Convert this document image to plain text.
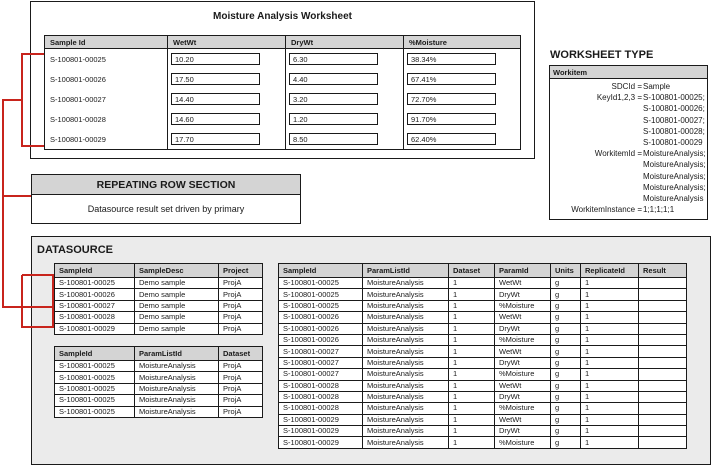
Moisture Analysis Worksheet
Sample Id	WetWt	DryWt	%Moisture
S-100801-00025	10.20	6.30	38.34%
S-100801-00026	17.50	4.40	67.41%
S-100801-00027	14.40	3.20	72.70%
S-100801-00028	14.60	1.20	91.70%
S-100801-00029	17.70	8.50	62.40%
WORKSHEET TYPE
Workitem
SDCId = Sample
KeyId1,2,3 = S-100801-00025;
S-100801-00026;
S-100801-00027;
S-100801-00028;
S-100801-00029
WorkitemId = MoistureAnalysis;
MoistureAnalysis;
MoistureAnalysis;
MoistureAnalysis;
MoistureAnalysis
WorkitemInstance = 1;1;1;1;1
REPEATING ROW SECTION
Datasource result set driven by primary
DATASOURCE
SampleId	SampleDesc	Project
S-100801-00025	Demo sample	ProjA
S-100801-00026	Demo sample	ProjA
S-100801-00027	Demo sample	ProjA
S-100801-00028	Demo sample	ProjA
S-100801-00029	Demo sample	ProjA
SampleId	ParamListId	Dataset
S-100801-00025	MoistureAnalysis	ProjA
S-100801-00025	MoistureAnalysis	ProjA
S-100801-00025	MoistureAnalysis	ProjA
S-100801-00025	MoistureAnalysis	ProjA
S-100801-00025	MoistureAnalysis	ProjA
SampleId	ParamListId	Dataset	ParamId	Units	ReplicateId	Result
S-100801-00025	MoistureAnalysis	1	WetWt	g	1	
S-100801-00025	MoistureAnalysis	1	DryWt	g	1	
S-100801-00025	MoistureAnalysis	1	%Moisture	g	1	
S-100801-00026	MoistureAnalysis	1	WetWt	g	1	
S-100801-00026	MoistureAnalysis	1	DryWt	g	1	
S-100801-00026	MoistureAnalysis	1	%Moisture	g	1	
S-100801-00027	MoistureAnalysis	1	WetWt	g	1	
S-100801-00027	MoistureAnalysis	1	DryWt	g	1	
S-100801-00027	MoistureAnalysis	1	%Moisture	g	1	
S-100801-00028	MoistureAnalysis	1	WetWt	g	1	
S-100801-00028	MoistureAnalysis	1	DryWt	g	1	
S-100801-00028	MoistureAnalysis	1	%Moisture	g	1	
S-100801-00029	MoistureAnalysis	1	WetWt	g	1	
S-100801-00029	MoistureAnalysis	1	DryWt	g	1	
S-100801-00029	MoistureAnalysis	1	%Moisture	g	1	
